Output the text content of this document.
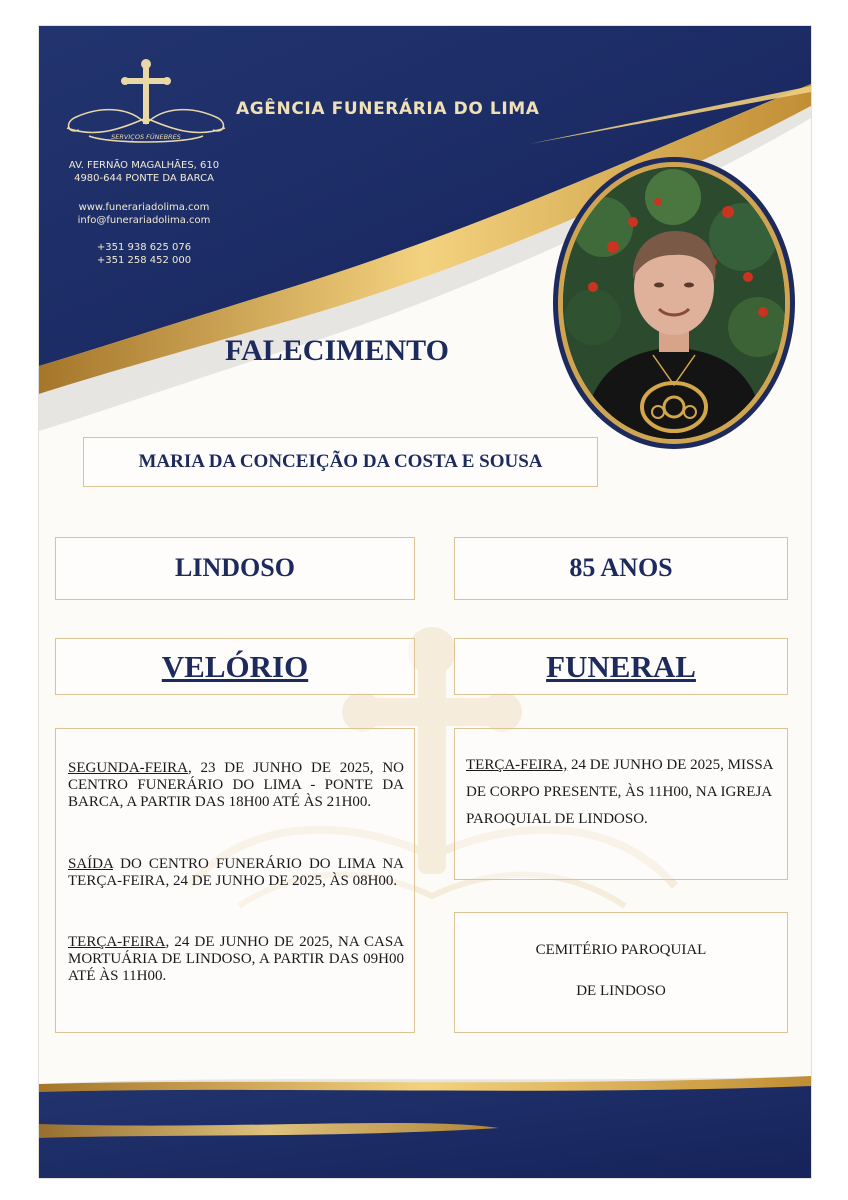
AGÊNCIA FUNERÁRIA DO LIMA
SERVIÇOS FÚNEBRES
AV. FERNÃO MAGALHÃES, 610
4980-644 PONTE DA BARCA
www.funerariadolima.com
info@funerariadolima.com
+351 938 625 076
+351 258 452 000
FALECIMENTO
MARIA DA CONCEIÇÃO DA COSTA E SOUSA
LINDOSO	85 ANOS
VELÓRIO	FUNERAL
SEGUNDA-FEIRA, 23 DE JUNHO DE 2025, NO CENTRO FUNERÁRIO DO LIMA - PONTE DA BARCA, A PARTIR DAS 18H00 ATÉ ÀS 21H00.
SAÍDA DO CENTRO FUNERÁRIO DO LIMA NA TERÇA-FEIRA, 24 DE JUNHO DE 2025, ÀS 08H00.
TERÇA-FEIRA, 24 DE JUNHO DE 2025, NA CASA MORTUÁRIA DE LINDOSO, A PARTIR DAS 09H00 ATÉ ÀS 11H00.
TERÇA-FEIRA, 24 DE JUNHO DE 2025, MISSA DE CORPO PRESENTE, ÀS 11H00, NA IGREJA PAROQUIAL DE LINDOSO.
CEMITÉRIO PAROQUIAL
DE LINDOSO
